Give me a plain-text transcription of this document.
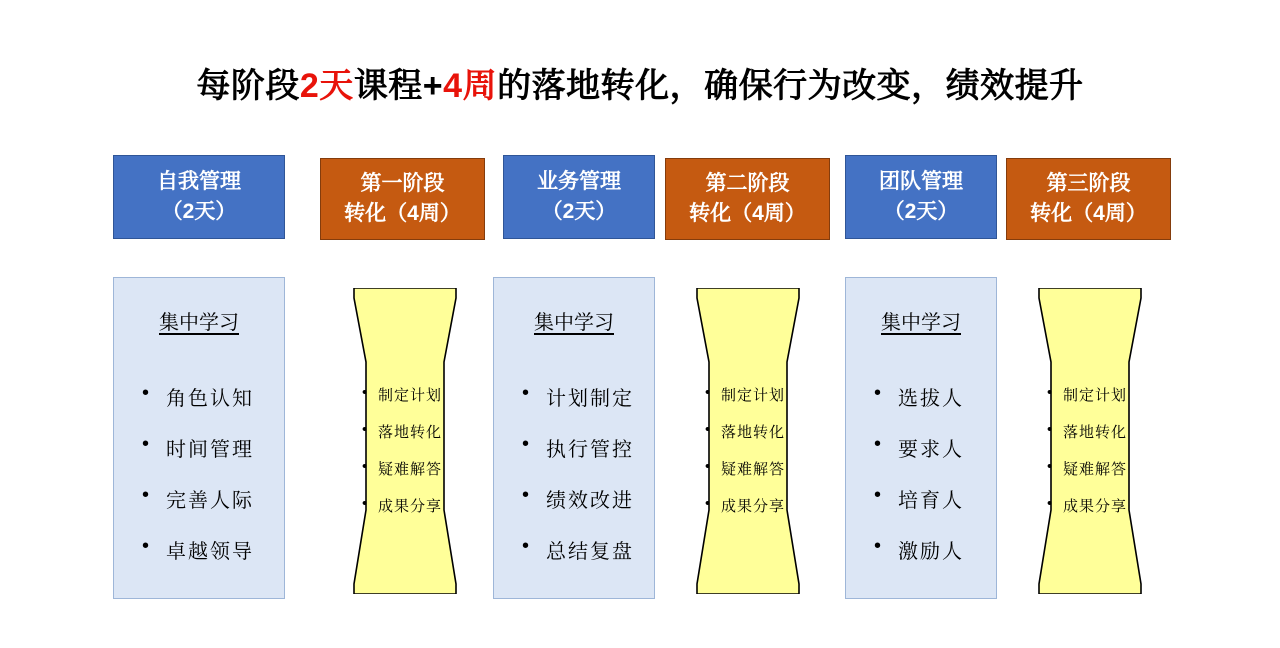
每阶段2天课程+4周的落地转化，确保行为改变，绩效提升
自我管理
（2天）
第一阶段
转化（4周）
业务管理
（2天）
第二阶段
转化（4周）
团队管理
（2天）
第三阶段
转化（4周）
集中学习
• 角色认知
• 时间管理
• 完善人际
• 卓越领导
• 制定计划
• 落地转化
• 疑难解答
• 成果分享
集中学习
• 计划制定
• 执行管控
• 绩效改进
• 总结复盘
• 制定计划
• 落地转化
• 疑难解答
• 成果分享
集中学习
• 选拔人
• 要求人
• 培育人
• 激励人
• 制定计划
• 落地转化
• 疑难解答
• 成果分享
